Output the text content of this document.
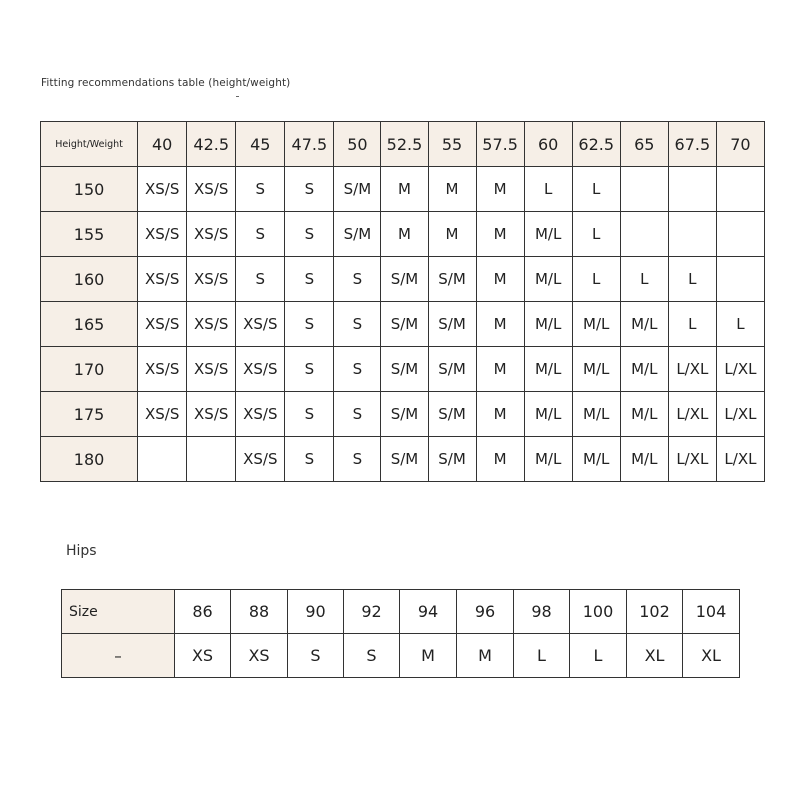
Fitting recommendations table (height/weight)
Height/Weight	40	42.5	45	47.5	50	52.5	55	57.5	60	62.5	65	67.5	70
150	XS/S	XS/S	S	S	S/M	M	M	M	L	L			
155	XS/S	XS/S	S	S	S/M	M	M	M	M/L	L			
160	XS/S	XS/S	S	S	S	S/M	S/M	M	M/L	L	L	L	
165	XS/S	XS/S	XS/S	S	S	S/M	S/M	M	M/L	M/L	M/L	L	L
170	XS/S	XS/S	XS/S	S	S	S/M	S/M	M	M/L	M/L	M/L	L/XL	L/XL
175	XS/S	XS/S	XS/S	S	S	S/M	S/M	M	M/L	M/L	M/L	L/XL	L/XL
180			XS/S	S	S	S/M	S/M	M	M/L	M/L	M/L	L/XL	L/XL
Hips
Size	86	88	90	92	94	96	98	100	102	104
–	XS	XS	S	S	M	M	L	L	XL	XL
